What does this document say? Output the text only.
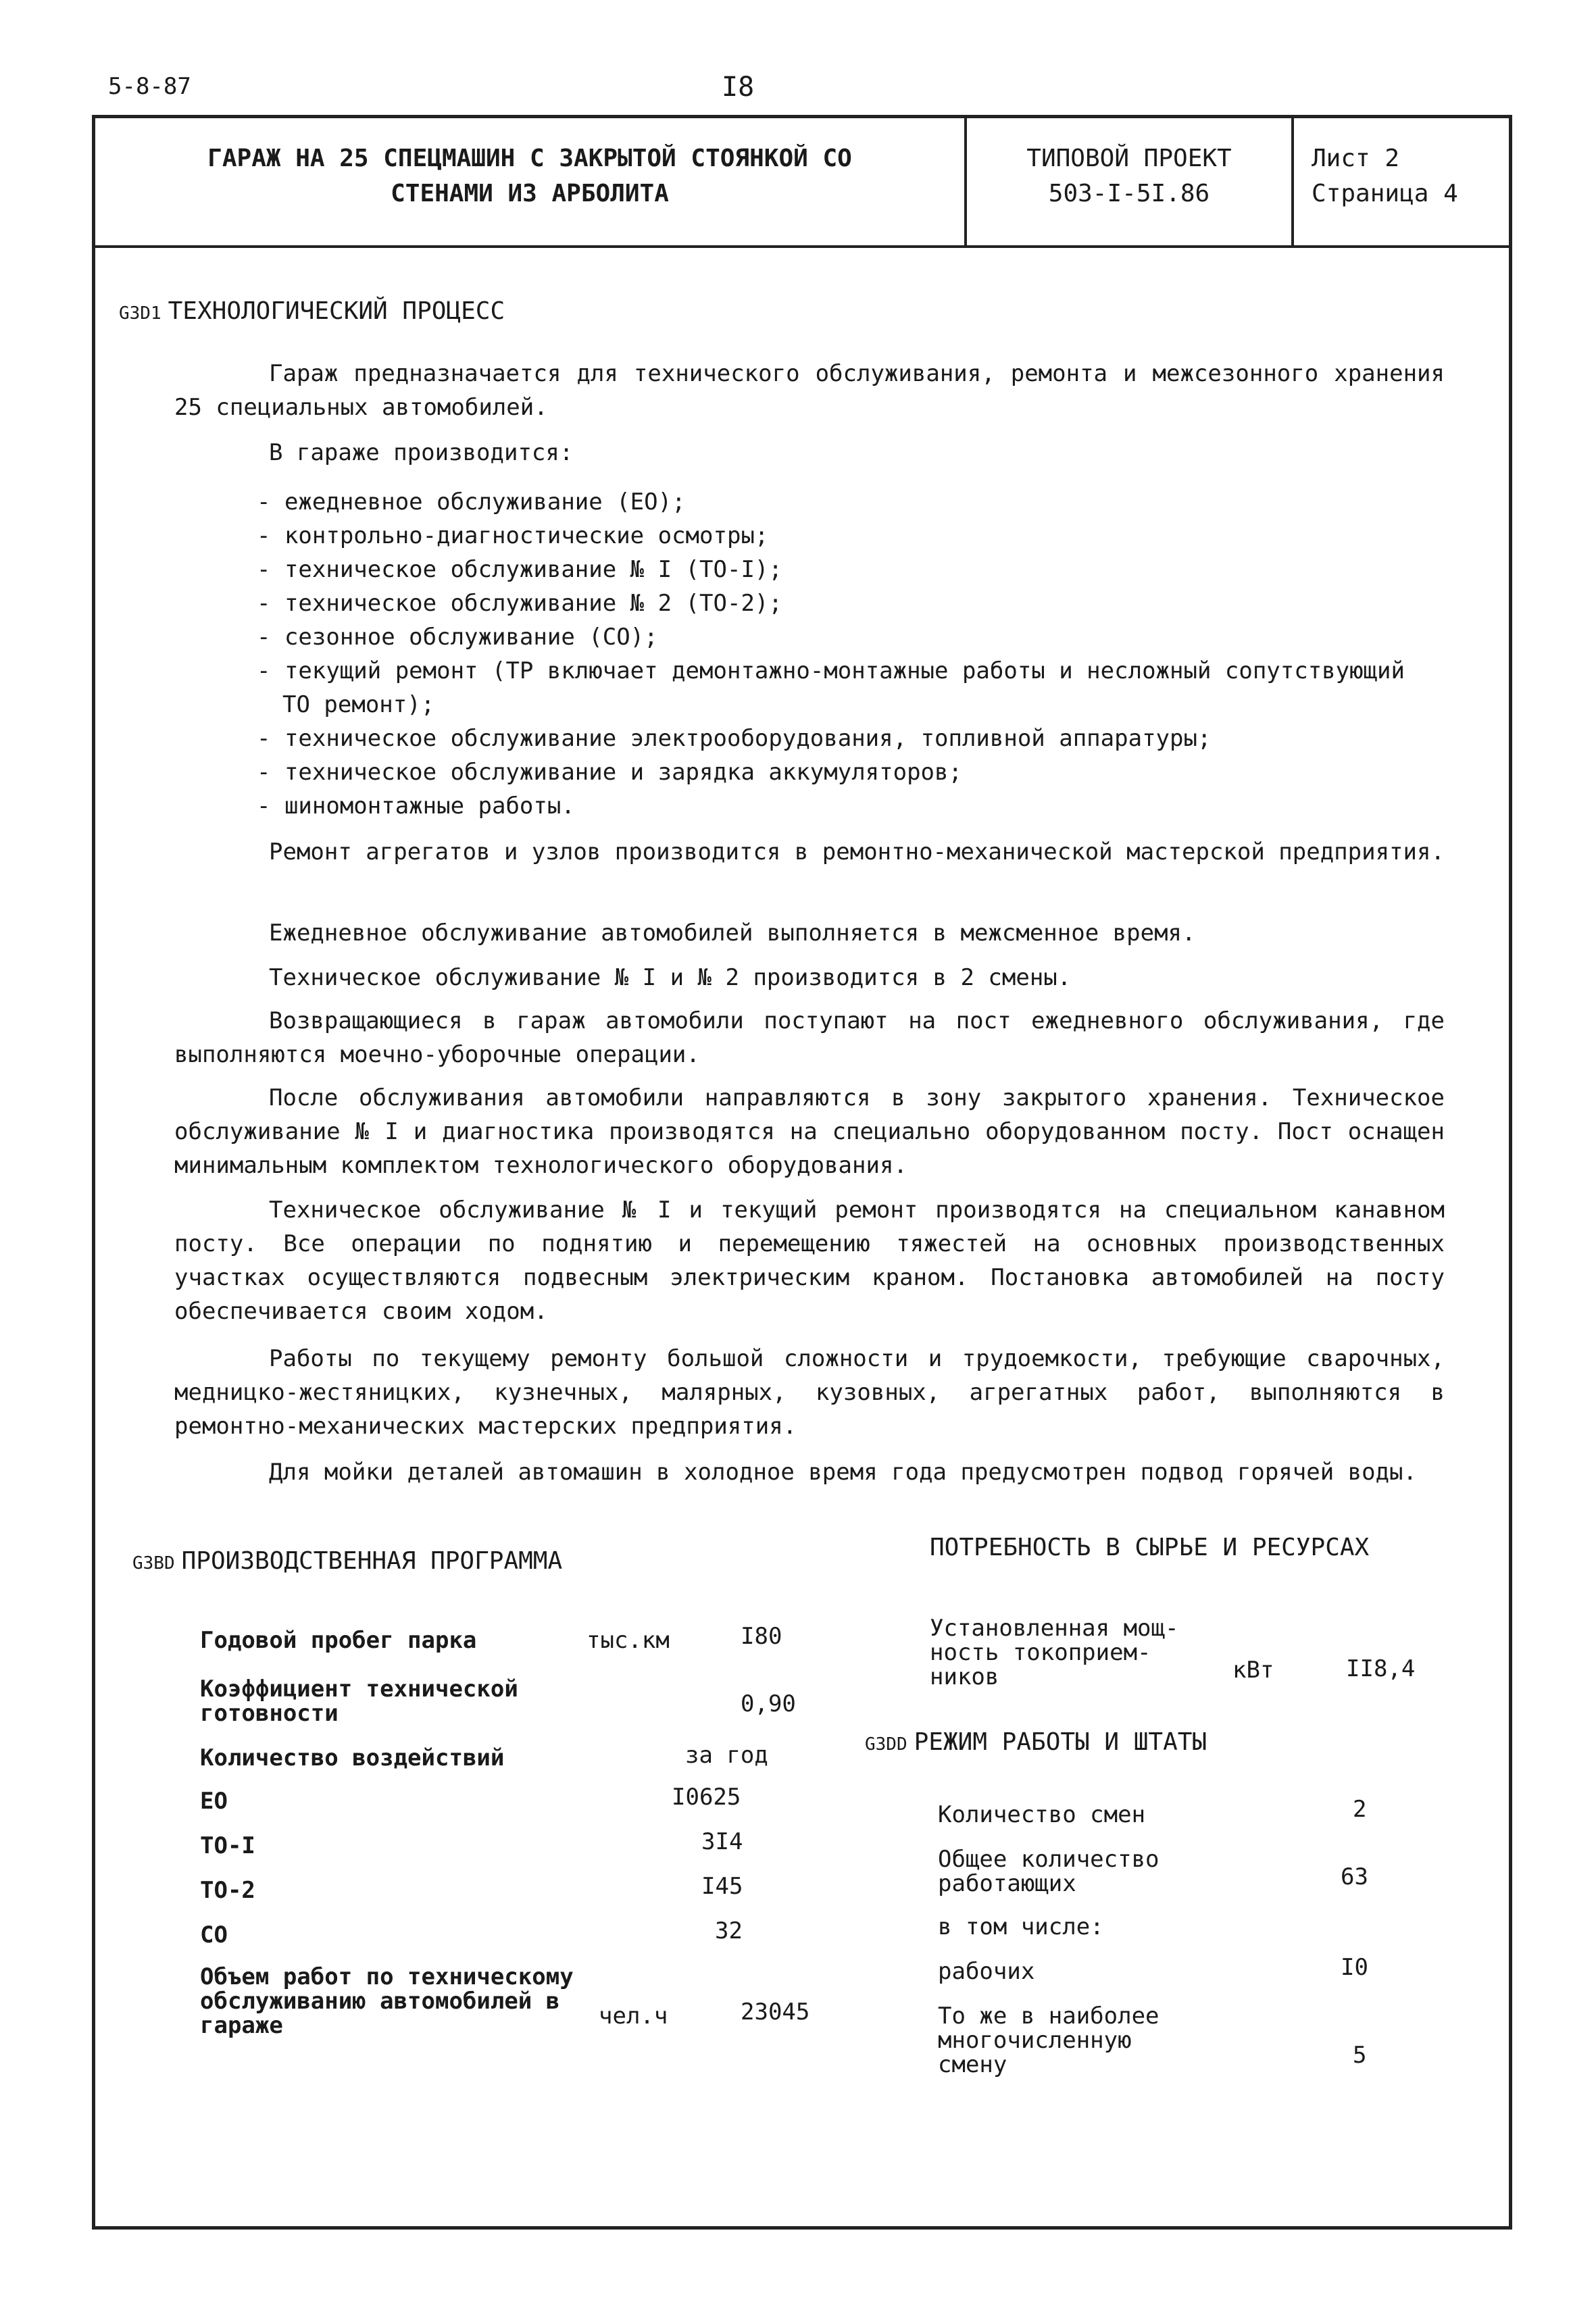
5-8-87	I8
ГАРАЖ НА 25 СПЕЦМАШИН С ЗАКРЫТОЙ СТОЯНКОЙ СО
СТЕНАМИ ИЗ АРБОЛИТА
ТИПОВОЙ ПРОЕКТ
503-I-5I.86
Лист 2
Страница 4
G3D1 ТЕХНОЛОГИЧЕСКИЙ ПРОЦЕСС
Гараж предназначается для технического обслуживания, ремонта и межсезонного хранения 25 специальных автомобилей.
В гараже производится:
- ежедневное обслуживание (ЕО);
- контрольно-диагностические осмотры;
- техническое обслуживание № I (ТО-I);
- техническое обслуживание № 2 (ТО-2);
- сезонное обслуживание (СО);
- текущий ремонт (ТР включает демонтажно-монтажные работы и несложный сопутствующий ТО ремонт);
- техническое обслуживание электрооборудования, топливной аппаратуры;
- техническое обслуживание и зарядка аккумуляторов;
- шиномонтажные работы.
Ремонт агрегатов и узлов производится в ремонтно-механической мастерской предприятия.
Ежедневное обслуживание автомобилей выполняется в межсменное время.
Техническое обслуживание № I и № 2 производится в 2 смены.
Возвращающиеся в гараж автомобили поступают на пост ежедневного обслуживания, где выполняются моечно-уборочные операции.
После обслуживания автомобили направляются в зону закрытого хранения. Техническое обслуживание № I и диагностика производятся на специально оборудованном посту. Пост оснащен минимальным комплектом технологического оборудования.
Техническое обслуживание № I и текущий ремонт производятся на специальном канавном посту. Все операции по поднятию и перемещению тяжестей на основных производственных участках осуществляются подвесным электрическим краном. Постановка автомобилей на посту обеспечивается своим ходом.
Работы по текущему ремонту большой сложности и трудоемкости, требующие сварочных, медницко-жестяницких, кузнечных, малярных, кузовных, агрегатных работ, выполняются в ремонтно-механических мастерских предприятия.
Для мойки деталей автомашин в холодное время года предусмотрен подвод горячей воды.
G3BD ПРОИЗВОДСТВЕННАЯ ПРОГРАММА
Годовой пробег парка	тыс.км	I80
Коэффициент технической
готовности	0,90
Количество воздействий	за год
ЕО	I0625
ТО-I	3I4
ТО-2	I45
СО	32
Объем работ по техническому
обслуживанию автомобилей в
гараже	чел.ч	23045
ПОТРЕБНОСТЬ В СЫРЬЕ И РЕСУРСАХ
Установленная мощ-
ность токоприем-
ников	кВт	II8,4
G3DD РЕЖИМ РАБОТЫ И ШТАТЫ
Количество смен	2
Общее количество
работающих	63
в том числе:
рабочих	I0
То же в наиболее
многочисленную
смену	5
